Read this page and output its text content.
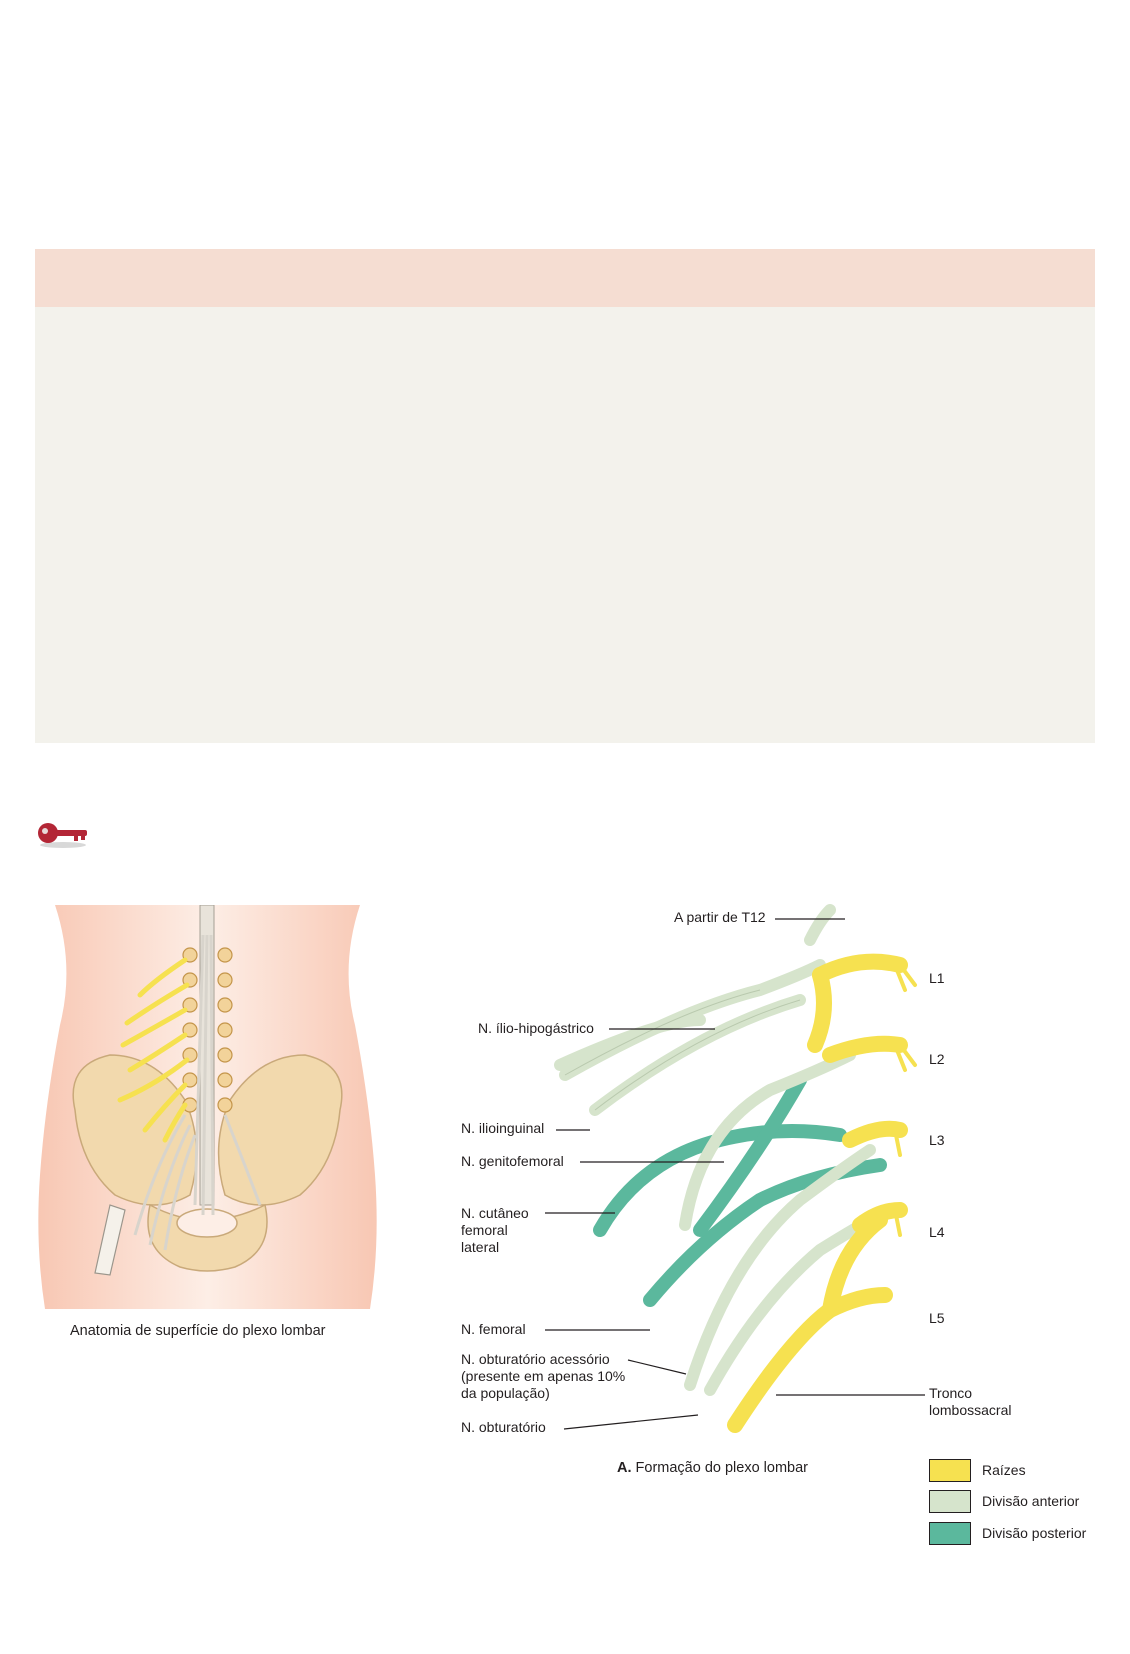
Anatomia de superfície do plexo lombar
A partir de T12
N. ílio-hipogástrico
N. ilioinguinal
N. genitofemoral
N. cutâneo femoral lateral
N. femoral
N. obturatório acessório (presente em apenas 10% da população)
N. obturatório
Tronco lombossacral
L1
L2
L3
L4
L5
A. Formação do plexo lombar	Raízes
Divisão anterior
Divisão posterior
